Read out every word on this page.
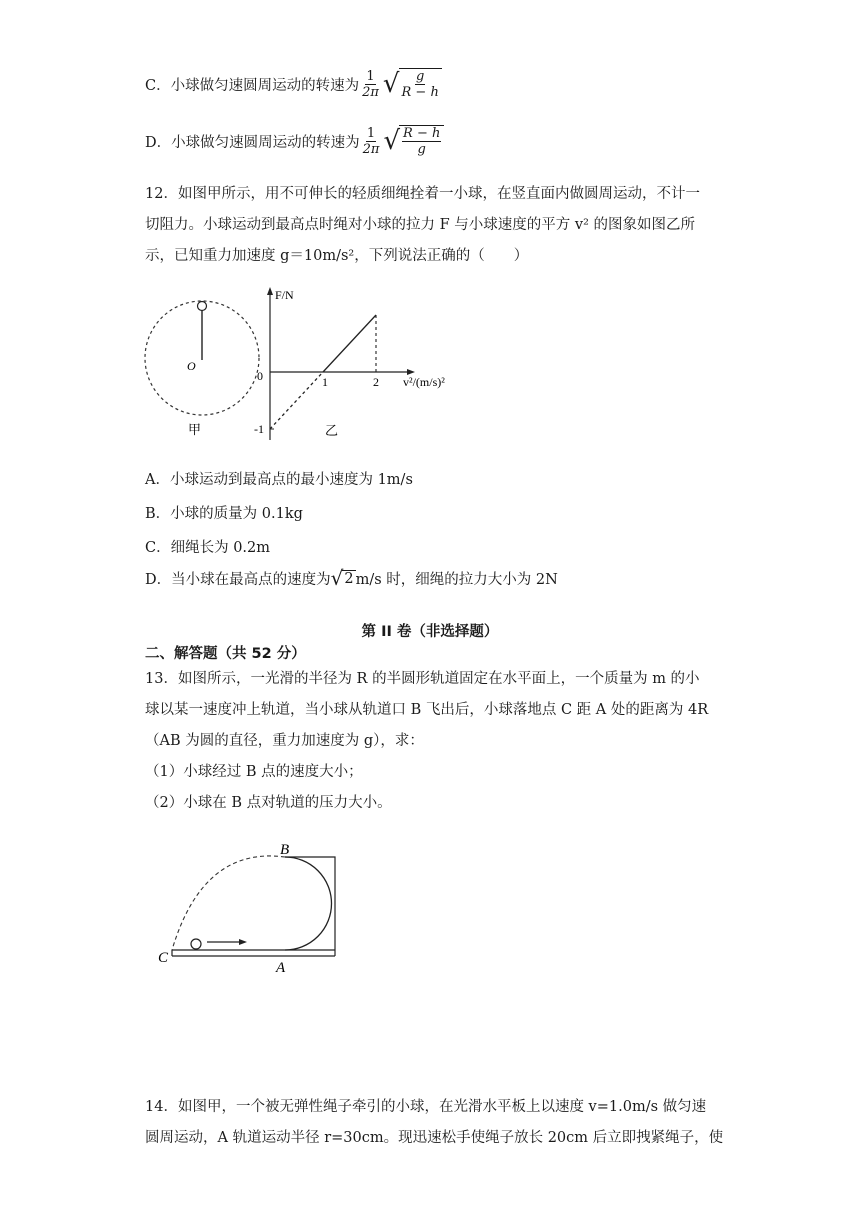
C．小球做匀速圆周运动的转速为 $\frac{1}{2\pi}$ √ $\frac{g}{R - h}$
D．小球做匀速圆周运动的转速为 $\frac{1}{2\pi}$ √ $\frac{R - h}{g}$
12．如图甲所示，用不可伸长的轻质细绳拴着一小球，在竖直面内做圆周运动，不计一
切阻力。小球运动到最高点时绳对小球的拉力 F 与小球速度的平方 v² 的图象如图乙所
示，已知重力加速度 g＝10m/s²，下列说法正确的（　　）
O
甲
F/N
v²/(m/s)²
0	1	2
-1	乙
A．小球运动到最高点的最小速度为 1m/s
B．小球的质量为 0.1kg
C．细绳长为 0.2m
D．当小球在最高点的速度为 √ 2 m/s 时，细绳的拉力大小为 2N
第 II 卷（非选择题）
二、解答题（共 52 分）
13．如图所示，一光滑的半径为 R 的半圆形轨道固定在水平面上，一个质量为 m 的小
球以某一速度冲上轨道，当小球从轨道口 B 飞出后，小球落地点 C 距 A 处的距离为 4R
（AB 为圆的直径，重力加速度为 g），求：
（1）小球经过 B 点的速度大小；
（2）小球在 B 点对轨道的压力大小。
B
A
C
14．如图甲，一个被无弹性绳子牵引的小球，在光滑水平板上以速度 v=1.0m/s 做匀速
圆周运动，A 轨道运动半径 r=30cm。现迅速松手使绳子放长 20cm 后立即拽紧绳子，使
